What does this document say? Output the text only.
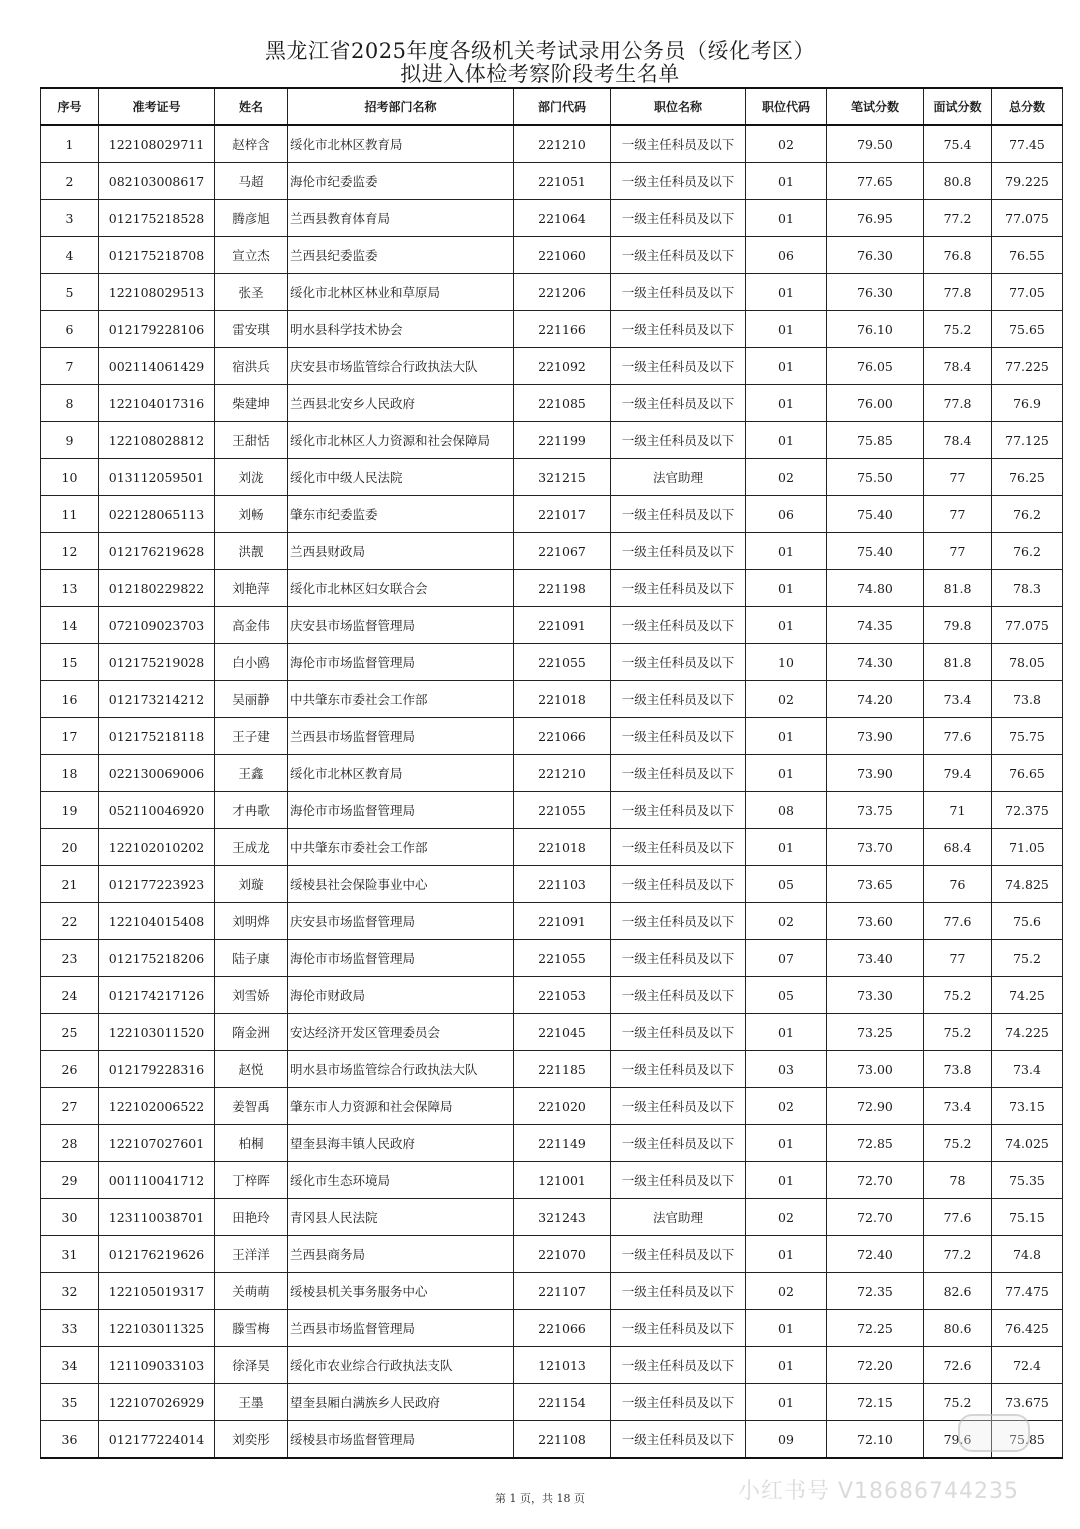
黑龙江省2025年度各级机关考试录用公务员（绥化考区）
拟进入体检考察阶段考生名单
序号	准考证号	姓名	招考部门名称	部门代码	职位名称	职位代码	笔试分数	面试分数	总分数
1	122108029711	赵梓含	绥化市北林区教育局	221210	一级主任科员及以下	02	79.50	75.4	77.45
2	082103008617	马超	海伦市纪委监委	221051	一级主任科员及以下	01	77.65	80.8	79.225
3	012175218528	腾彦旭	兰西县教育体育局	221064	一级主任科员及以下	01	76.95	77.2	77.075
4	012175218708	宣立杰	兰西县纪委监委	221060	一级主任科员及以下	06	76.30	76.8	76.55
5	122108029513	张圣	绥化市北林区林业和草原局	221206	一级主任科员及以下	01	76.30	77.8	77.05
6	012179228106	雷安琪	明水县科学技术协会	221166	一级主任科员及以下	01	76.10	75.2	75.65
7	002114061429	宿洪兵	庆安县市场监管综合行政执法大队	221092	一级主任科员及以下	01	76.05	78.4	77.225
8	122104017316	柴建坤	兰西县北安乡人民政府	221085	一级主任科员及以下	01	76.00	77.8	76.9
9	122108028812	王甜恬	绥化市北林区人力资源和社会保障局	221199	一级主任科员及以下	01	75.85	78.4	77.125
10	013112059501	刘泷	绥化市中级人民法院	321215	法官助理	02	75.50	77	76.25
11	022128065113	刘畅	肇东市纪委监委	221017	一级主任科员及以下	06	75.40	77	76.2
12	012176219628	洪靓	兰西县财政局	221067	一级主任科员及以下	01	75.40	77	76.2
13	012180229822	刘艳萍	绥化市北林区妇女联合会	221198	一级主任科员及以下	01	74.80	81.8	78.3
14	072109023703	高金伟	庆安县市场监督管理局	221091	一级主任科员及以下	01	74.35	79.8	77.075
15	012175219028	白小鸥	海伦市市场监督管理局	221055	一级主任科员及以下	10	74.30	81.8	78.05
16	012173214212	吴丽静	中共肇东市委社会工作部	221018	一级主任科员及以下	02	74.20	73.4	73.8
17	012175218118	王子建	兰西县市场监督管理局	221066	一级主任科员及以下	01	73.90	77.6	75.75
18	022130069006	王鑫	绥化市北林区教育局	221210	一级主任科员及以下	01	73.90	79.4	76.65
19	052110046920	才冉歌	海伦市市场监督管理局	221055	一级主任科员及以下	08	73.75	71	72.375
20	122102010202	王成龙	中共肇东市委社会工作部	221018	一级主任科员及以下	01	73.70	68.4	71.05
21	012177223923	刘璇	绥棱县社会保险事业中心	221103	一级主任科员及以下	05	73.65	76	74.825
22	122104015408	刘明烨	庆安县市场监督管理局	221091	一级主任科员及以下	02	73.60	77.6	75.6
23	012175218206	陆子康	海伦市市场监督管理局	221055	一级主任科员及以下	07	73.40	77	75.2
24	012174217126	刘雪娇	海伦市财政局	221053	一级主任科员及以下	05	73.30	75.2	74.25
25	122103011520	隋金洲	安达经济开发区管理委员会	221045	一级主任科员及以下	01	73.25	75.2	74.225
26	012179228316	赵悦	明水县市场监管综合行政执法大队	221185	一级主任科员及以下	03	73.00	73.8	73.4
27	122102006522	姜智禹	肇东市人力资源和社会保障局	221020	一级主任科员及以下	02	72.90	73.4	73.15
28	122107027601	柏桐	望奎县海丰镇人民政府	221149	一级主任科员及以下	01	72.85	75.2	74.025
29	001110041712	丁梓晖	绥化市生态环境局	121001	一级主任科员及以下	01	72.70	78	75.35
30	123110038701	田艳玲	青冈县人民法院	321243	法官助理	02	72.70	77.6	75.15
31	012176219626	王洋洋	兰西县商务局	221070	一级主任科员及以下	01	72.40	77.2	74.8
32	122105019317	关萌萌	绥棱县机关事务服务中心	221107	一级主任科员及以下	02	72.35	82.6	77.475
33	122103011325	滕雪梅	兰西县市场监督管理局	221066	一级主任科员及以下	01	72.25	80.6	76.425
34	121109033103	徐泽昊	绥化市农业综合行政执法支队	121013	一级主任科员及以下	01	72.20	72.6	72.4
35	122107026929	王墨	望奎县厢白满族乡人民政府	221154	一级主任科员及以下	01	72.15	75.2	73.675
36	012177224014	刘奕彤	绥棱县市场监督管理局	221108	一级主任科员及以下	09	72.10	79.6	75.85
小红书号 V18686744235
第 1 页，共 18 页
